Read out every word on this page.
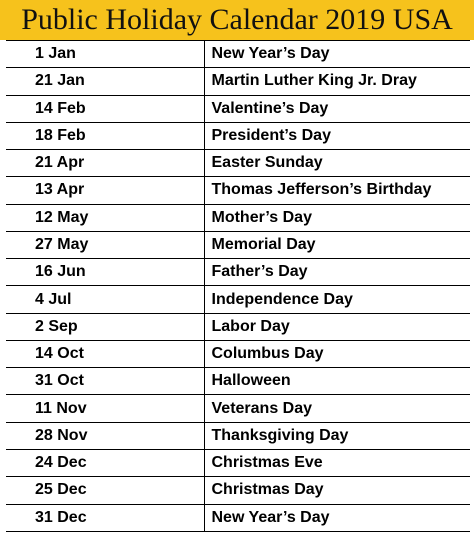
Public Holiday Calendar 2019 USA
1 Jan	New Year’s Day
21 Jan	Martin Luther King Jr. Dray
14 Feb	Valentine’s Day
18 Feb	President’s Day
21 Apr	Easter Sunday
13 Apr	Thomas Jefferson’s Birthday
12 May	Mother’s Day
27 May	Memorial Day
16 Jun	Father’s Day
4 Jul	Independence Day
2 Sep	Labor Day
14 Oct	Columbus Day
31 Oct	Halloween
11 Nov	Veterans Day
28 Nov	Thanksgiving Day
24 Dec	Christmas Eve
25 Dec	Christmas Day
31 Dec	New Year’s Day
